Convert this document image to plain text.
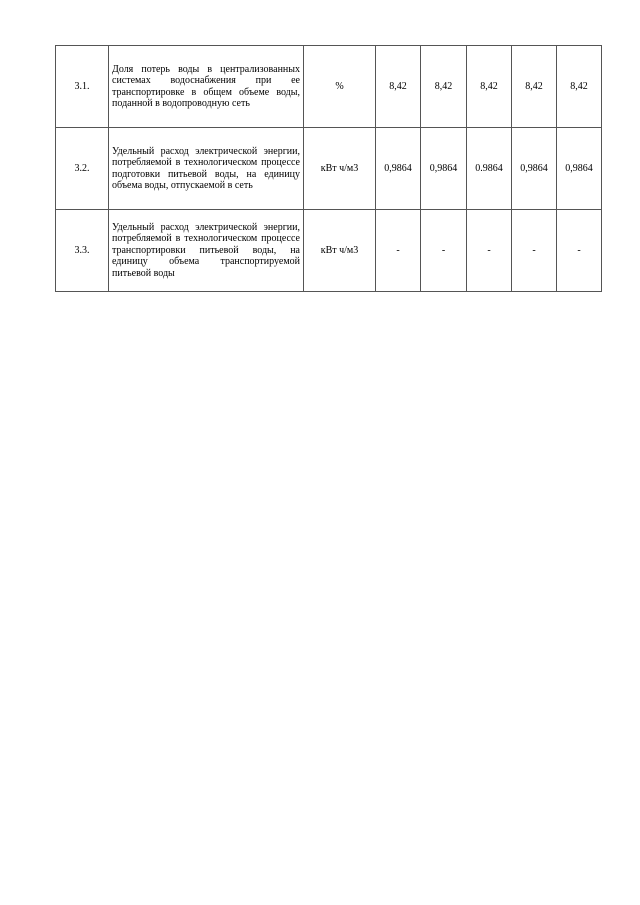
3.1.	Доля потерь воды в централизованных системах водоснабжения при ее транспортировке в общем объеме воды, поданной в водопроводную сеть	%	8,42	8,42	8,42	8,42	8,42
3.2.	Удельный расход электрической энергии, потребляемой в технологическом процессе подготовки питьевой воды, на единицу объема воды, отпускаемой в сеть	кВт ч/м3	0,9864	0,9864	0.9864	0,9864	0,9864
3.3.	Удельный расход электрической энергии, потребляемой в технологическом процессе транспортировки питьевой воды, на единицу объема транспортируемой питьевой воды	кВт ч/м3	-	-	-	-	-
